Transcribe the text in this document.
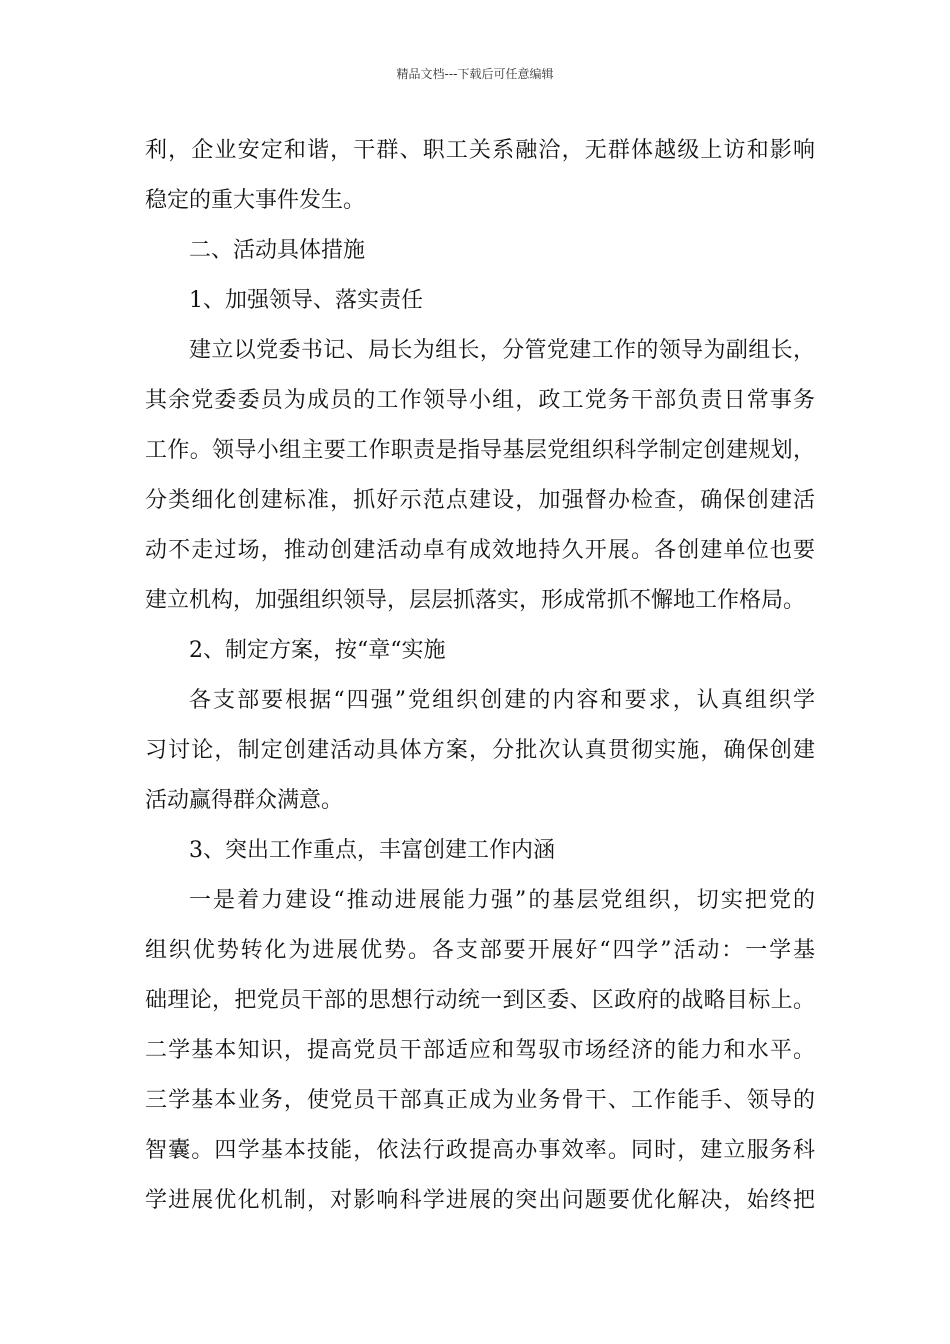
精品文档---下载后可任意编辑
利，企业安定和谐，干群、职工关系融洽，无群体越级上访和影响
稳定的重大事件发生。
二、活动具体措施
1、加强领导、落实责任
建立以党委书记、局长为组长，分管党建工作的领导为副组长，
其余党委委员为成员的工作领导小组，政工党务干部负责日常事务
工作。领导小组主要工作职责是指导基层党组织科学制定创建规划，
分类细化创建标准，抓好示范点建设，加强督办检查，确保创建活
动不走过场，推动创建活动卓有成效地持久开展。各创建单位也要
建立机构，加强组织领导，层层抓落实，形成常抓不懈地工作格局。
2、制定方案，按“章“实施
各支部要根据“四强”党组织创建的内容和要求，认真组织学
习讨论，制定创建活动具体方案，分批次认真贯彻实施，确保创建
活动赢得群众满意。
3、突出工作重点，丰富创建工作内涵
一是着力建设“推动进展能力强”的基层党组织，切实把党的
组织优势转化为进展优势。各支部要开展好“四学”活动：一学基
础理论，把党员干部的思想行动统一到区委、区政府的战略目标上。
二学基本知识，提高党员干部适应和驾驭市场经济的能力和水平。
三学基本业务，使党员干部真正成为业务骨干、工作能手、领导的
智囊。四学基本技能，依法行政提高办事效率。同时，建立服务科
学进展优化机制，对影响科学进展的突出问题要优化解决，始终把
